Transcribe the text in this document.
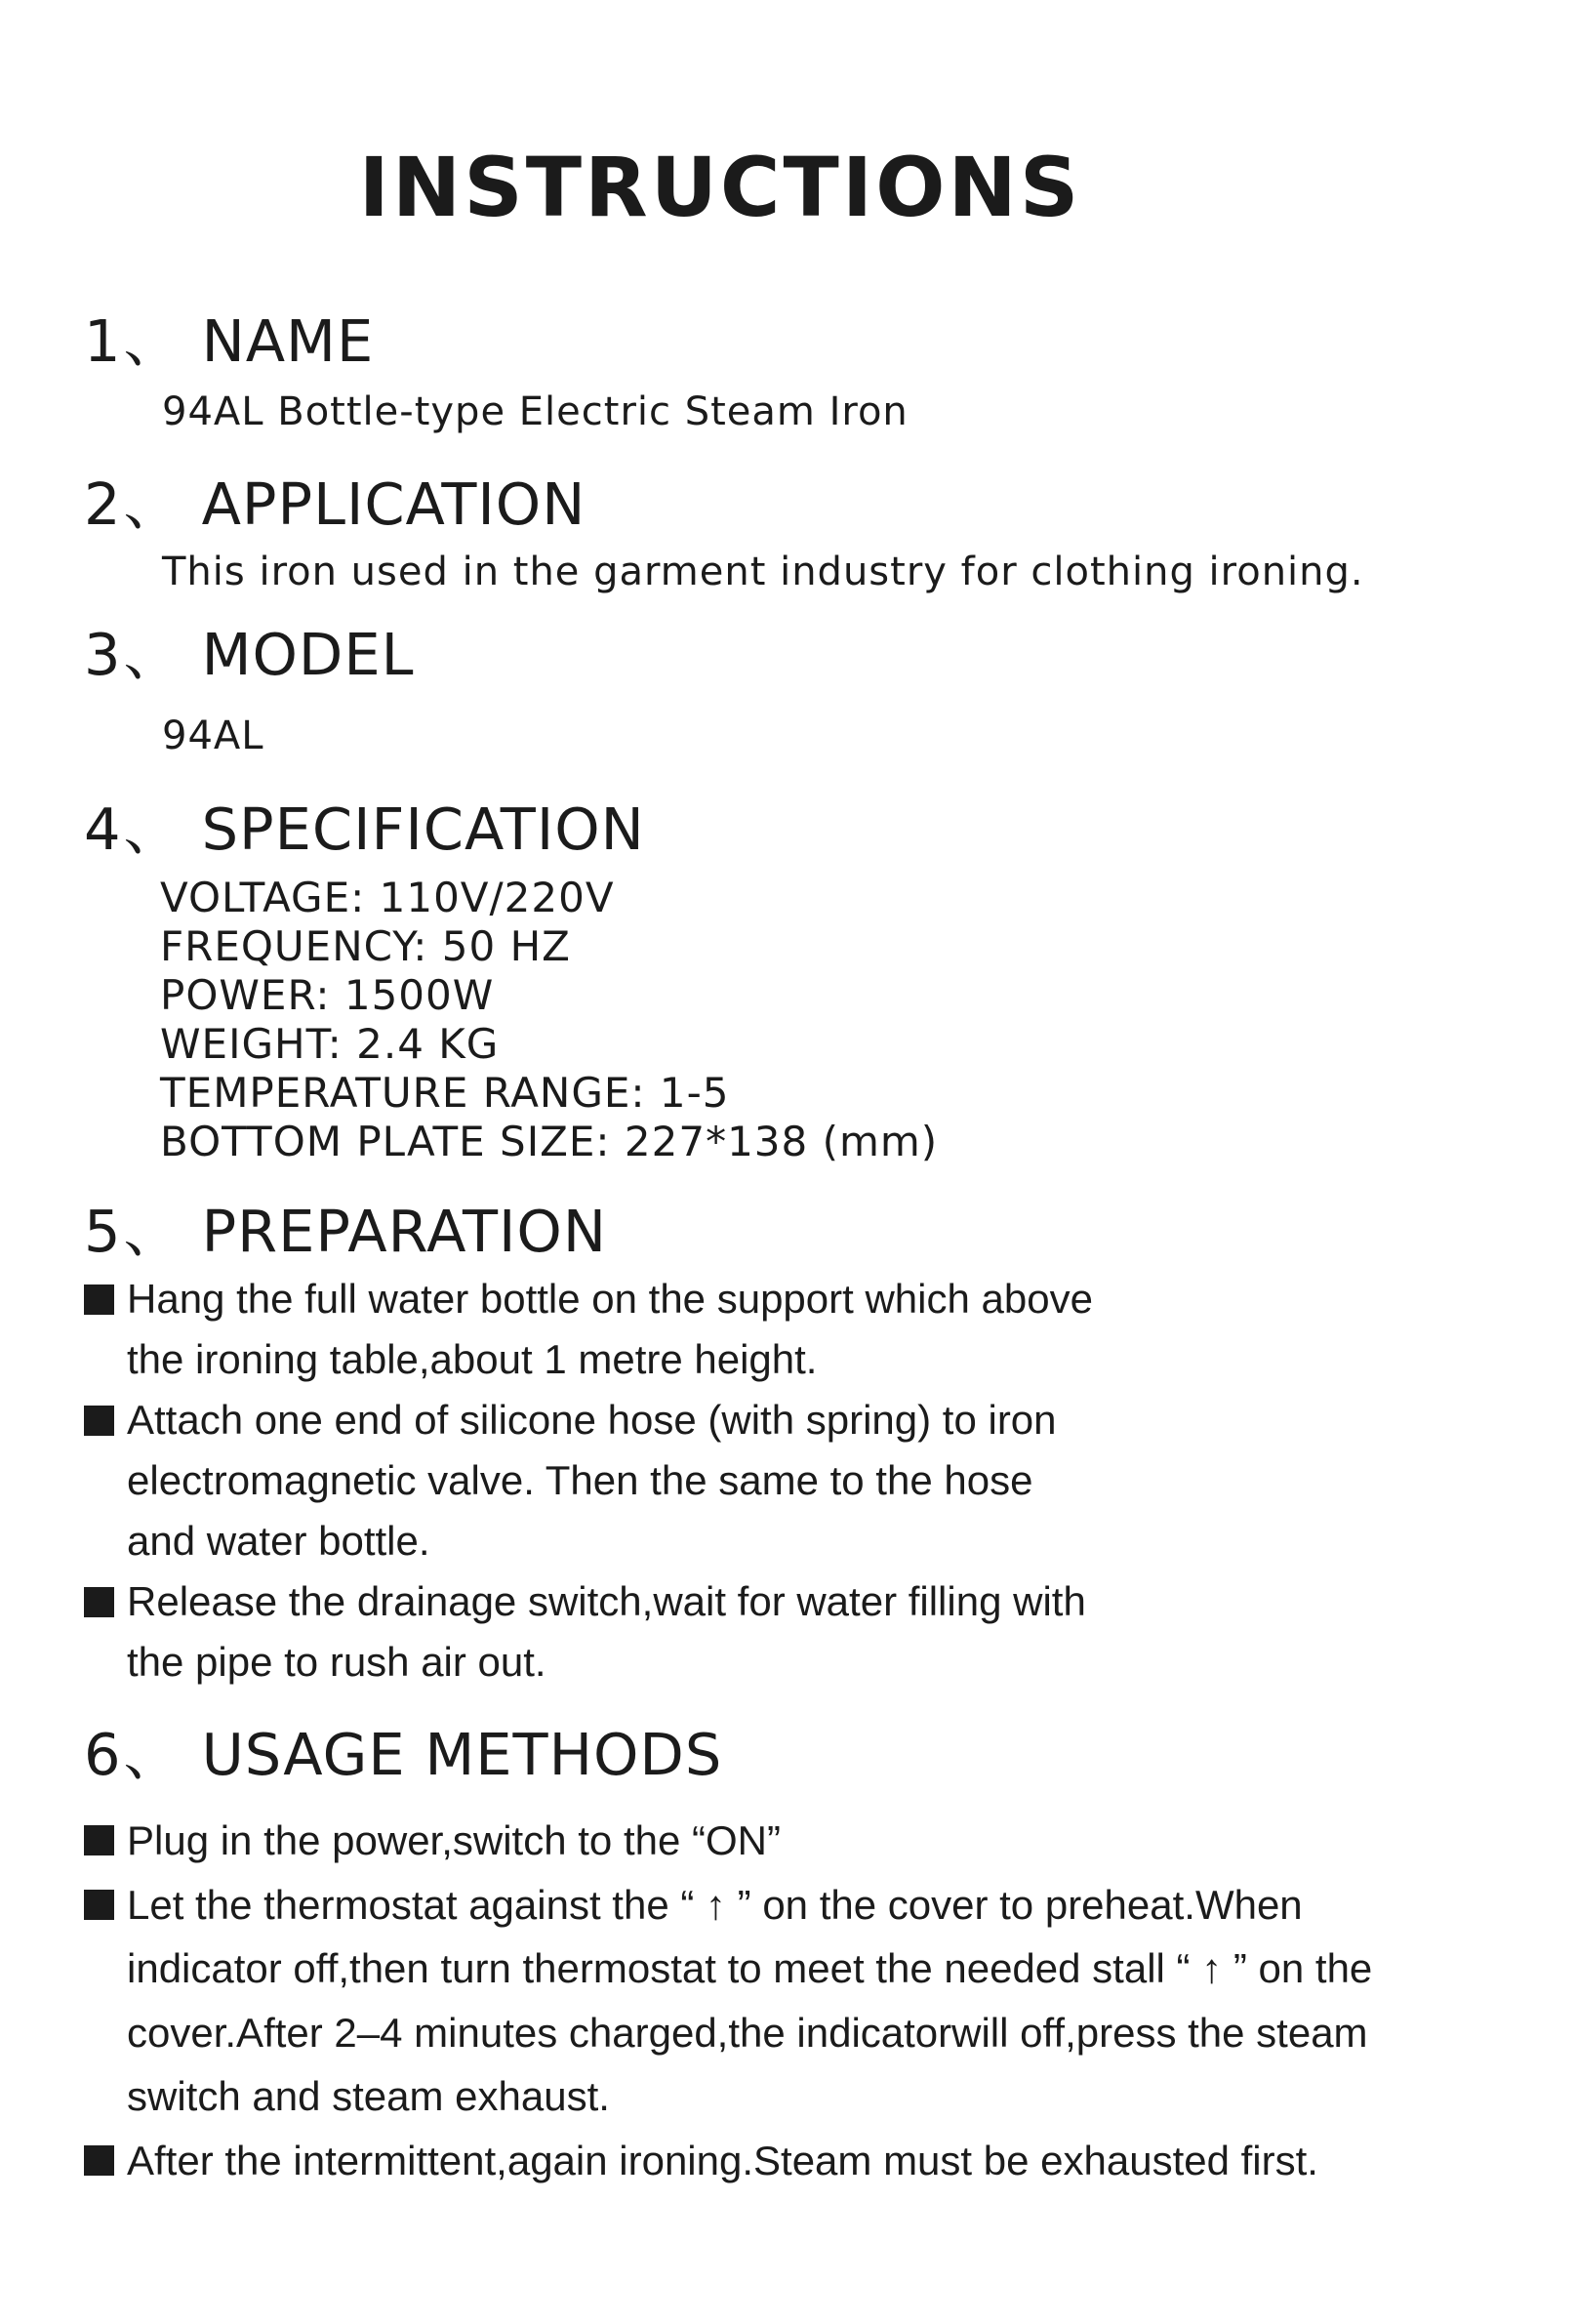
INSTRUCTIONS
1、 NAME
94AL Bottle-type Electric Steam Iron
2、 APPLICATION
This iron used in the garment industry for clothing ironing.
3、 MODEL
94AL
4、 SPECIFICATION
VOLTAGE: 110V/220V
FREQUENCY: 50 HZ
POWER: 1500W
WEIGHT: 2.4 KG
TEMPERATURE RANGE: 1-5
BOTTOM PLATE SIZE: 227*138 (mm)
5、 PREPARATION
Hang the full water bottle on the support which above
the ironing table,about 1 metre height.
Attach one end of silicone hose (with spring) to iron
electromagnetic valve. Then the same to the hose
and water bottle.
Release the drainage switch,wait for water filling with
the pipe to rush air out.
6、 USAGE METHODS
Plug in the power,switch to the “ON”
Let the thermostat against the “ ↑ ” on the cover to preheat.When
indicator off,then turn thermostat to meet the needed stall “ ↑ ” on the
cover.After 2–4 minutes charged,the indicatorwill off,press the steam
switch and steam exhaust.
After the intermittent,again ironing.Steam must be exhausted first.
